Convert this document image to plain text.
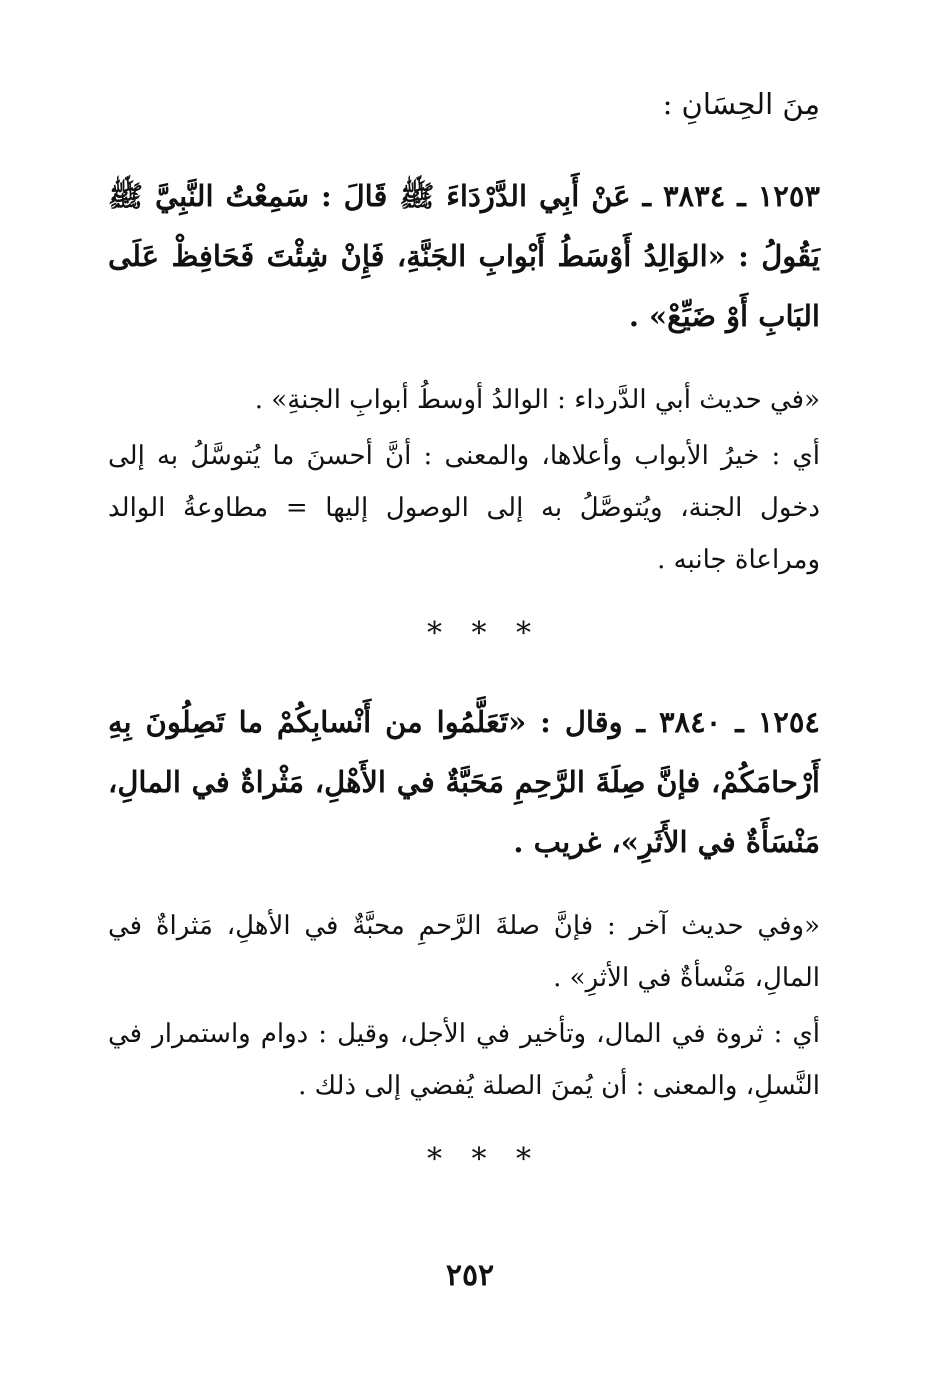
مِنَ الحِسَانِ :

١٢٥٣ ـ ٣٨٣٤ ـ عَنْ أَبِي الدَّرْدَاءَ ﷺ قَالَ : سَمِعْتُ النَّبِيَّ ﷺ يَقُولُ : «الوَالِدُ أَوْسَطُ أَبْوابِ الجَنَّةِ، فَإِنْ شِئْتَ فَحَافِظْ عَلَى البَابِ أَوْ ضَيِّعْ» .

«في حديث أبي الدَّرداء : الوالدُ أوسطُ أبوابِ الجنةِ» .

أي : خيرُ الأبواب وأعلاها، والمعنى : أنَّ أحسنَ ما يُتوسَّلُ به إلى دخول الجنة، ويُتوصَّلُ به إلى الوصول إليها = مطاوعةُ الوالد ومراعاة جانبه .

* * *

١٢٥٤ ـ ٣٨٤٠ ـ وقال : «تَعَلَّمُوا من أَنْسابِكُمْ ما تَصِلُونَ بِهِ أَرْحامَكُمْ، فإنَّ صِلَةَ الرَّحِمِ مَحَبَّةٌ في الأَهْلِ، مَثْراةٌ في المالِ، مَنْسَأَةٌ في الأَثَرِ»، غريب .

«وفي حديث آخر : فإنَّ صلةَ الرَّحمِ محبَّةٌ في الأهلِ، مَثراةٌ في المالِ، مَنْسأةٌ في الأثرِ» .

أي : ثروة في المال، وتأخير في الأجل، وقيل : دوام واستمرار في النَّسلِ، والمعنى : أن يُمنَ الصلة يُفضي إلى ذلك .

* * *
٢٥٢
